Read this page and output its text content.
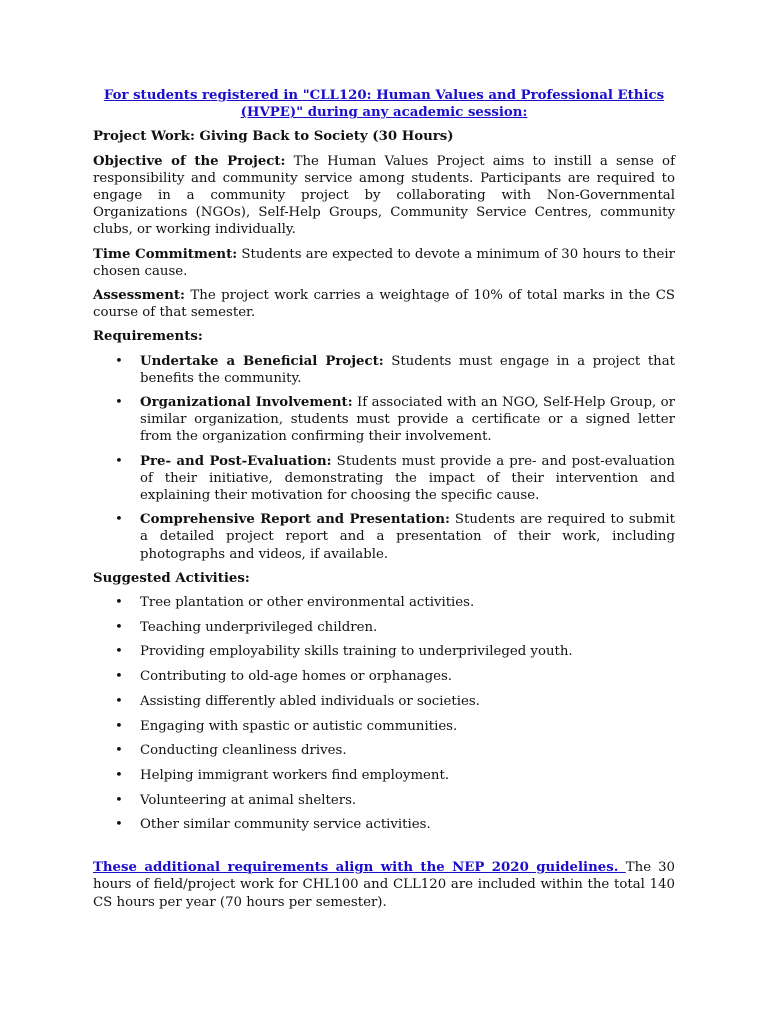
For students registered in "CLL120: Human Values and Professional Ethics (HVPE)" during any academic session:
Project Work: Giving Back to Society (30 Hours)

Objective of the Project: The Human Values Project aims to instill a sense of responsibility and community service among students. Participants are required to engage in a community project by collaborating with Non-Governmental Organizations (NGOs), Self-Help Groups, Community Service Centres, community clubs, or working individually.

Time Commitment: Students are expected to devote a minimum of 30 hours to their chosen cause.

Assessment: The project work carries a weightage of 10% of total marks in the CS course of that semester.

Requirements:
• Undertake a Beneficial Project: Students must engage in a project that benefits the community.
• Organizational Involvement: If associated with an NGO, Self-Help Group, or similar organization, students must provide a certificate or a signed letter from the organization confirming their involvement.
• Pre- and Post-Evaluation: Students must provide a pre- and post-evaluation of their initiative, demonstrating the impact of their intervention and explaining their motivation for choosing the specific cause.
• Comprehensive Report and Presentation: Students are required to submit a detailed project report and a presentation of their work, including photographs and videos, if available.
Suggested Activities:
• Tree plantation or other environmental activities.
• Teaching underprivileged children.
• Providing employability skills training to underprivileged youth.
• Contributing to old-age homes or orphanages.
• Assisting differently abled individuals or societies.
• Engaging with spastic or autistic communities.
• Conducting cleanliness drives.
• Helping immigrant workers find employment.
• Volunteering at animal shelters.
• Other similar community service activities.

These additional requirements align with the NEP 2020 guidelines. The 30 hours of field/project work for CHL100 and CLL120 are included within the total 140 CS hours per year (70 hours per semester).
